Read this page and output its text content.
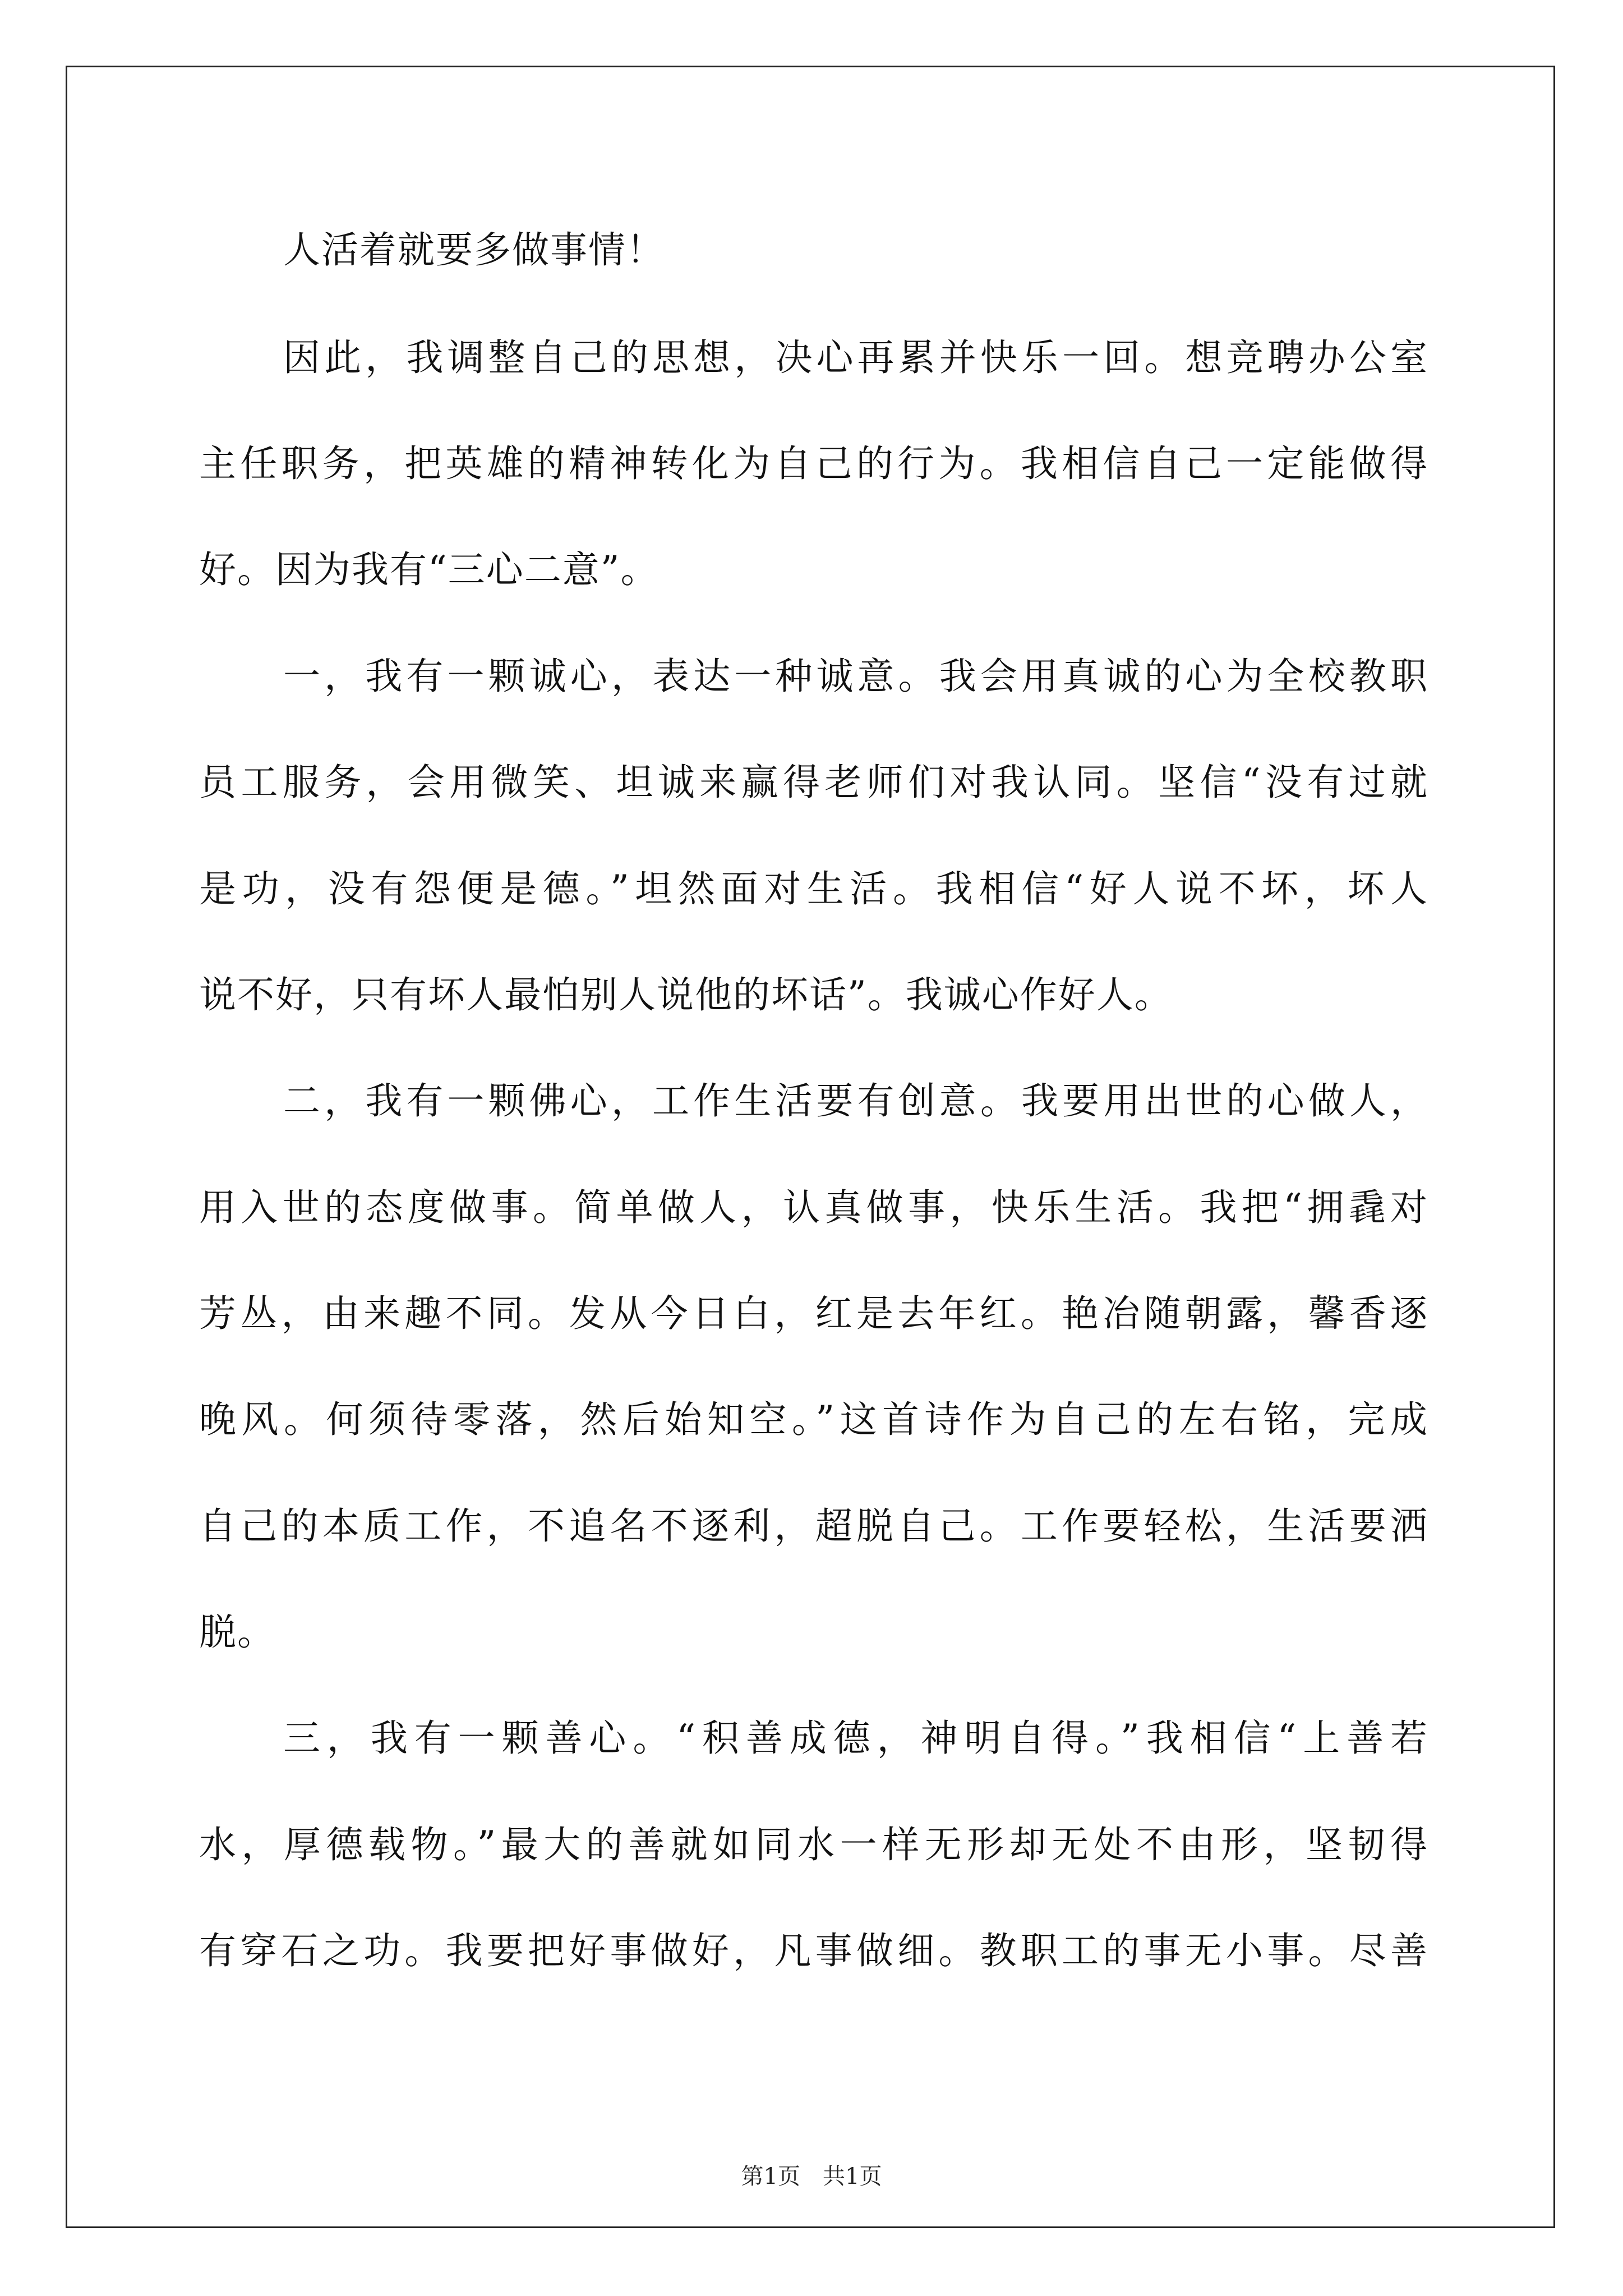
人活着就要多做事情！
因此，我调整自己的思想，决心再累并快乐一回。想竞聘办公室
主任职务，把英雄的精神转化为自己的行为。我相信自己一定能做得
好。因为我有“三心二意”。
一，我有一颗诚心，表达一种诚意。我会用真诚的心为全校教职
员工服务，会用微笑、坦诚来赢得老师们对我认同。坚信“没有过就
是功，没有怨便是德。”坦然面对生活。我相信“好人说不坏，坏人
说不好，只有坏人最怕别人说他的坏话”。我诚心作好人。
二，我有一颗佛心，工作生活要有创意。我要用出世的心做人，
用入世的态度做事。简单做人，认真做事，快乐生活。我把“拥毳对
芳丛，由来趣不同。发从今日白，红是去年红。艳冶随朝露，馨香逐
晚风。何须待零落，然后始知空。”这首诗作为自己的左右铭，完成
自己的本质工作，不追名不逐利，超脱自己。工作要轻松，生活要洒
脱。
三，我有一颗善心。“积善成德，神明自得。”我相信“上善若
水，厚德载物。”最大的善就如同水一样无形却无处不由形，坚韧得
有穿石之功。我要把好事做好，凡事做细。教职工的事无小事。尽善
第1页　共1页
